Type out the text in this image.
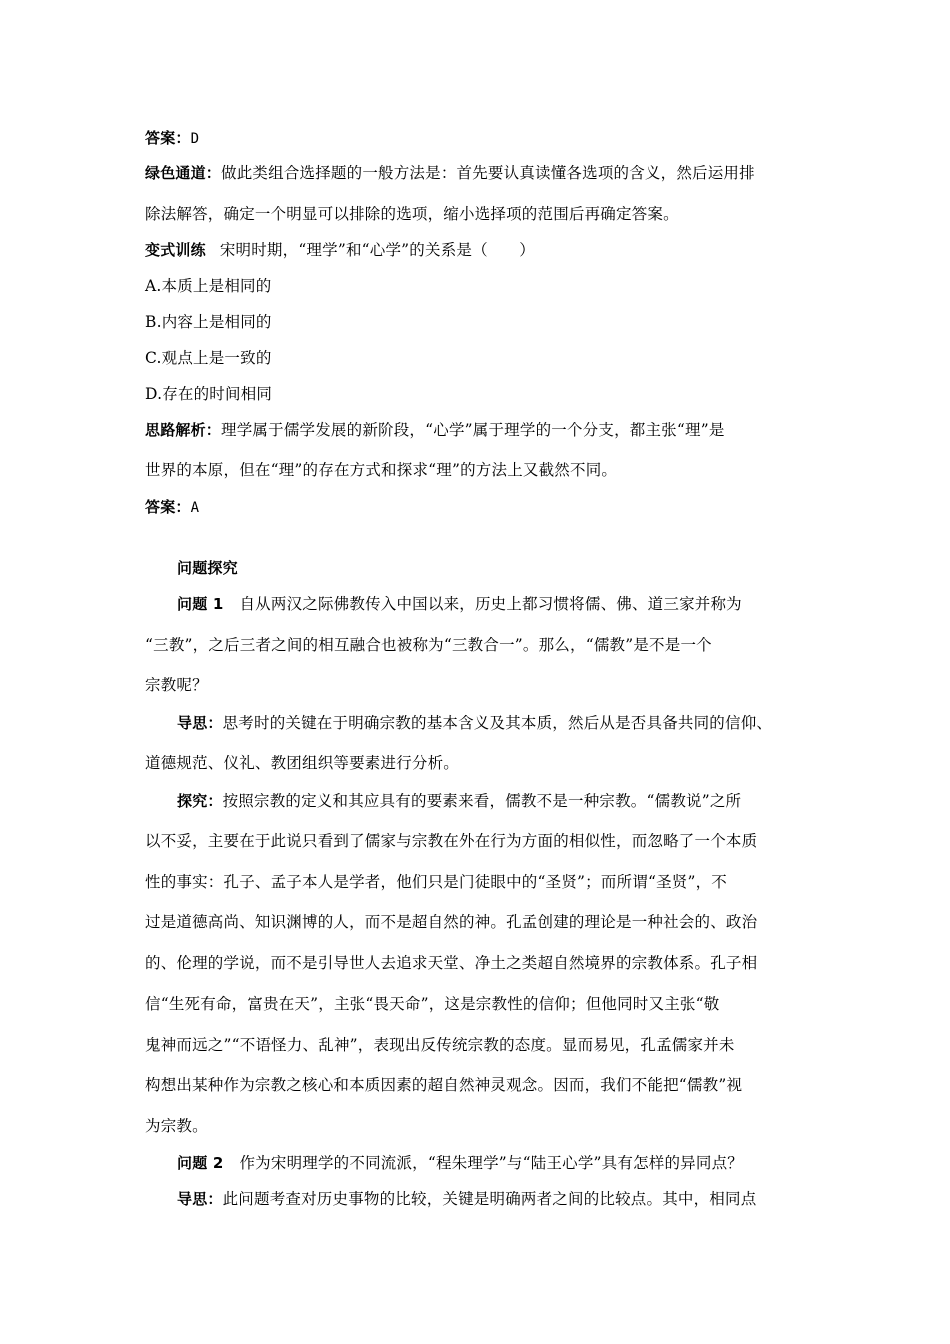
答案：D
绿色通道：做此类组合选择题的一般方法是：首先要认真读懂各选项的含义，然后运用排
除法解答，确定一个明显可以排除的选项，缩小选择项的范围后再确定答案。
变式训练 宋明时期，“理学”和“心学”的关系是（　　）
A.本质上是相同的
B.内容上是相同的
C.观点上是一致的
D.存在的时间相同
思路解析：理学属于儒学发展的新阶段，“心学”属于理学的一个分支，都主张“理”是
世界的本原，但在“理”的存在方式和探求“理”的方法上又截然不同。
答案：A
问题探究
问题 1 自从两汉之际佛教传入中国以来，历史上都习惯将儒、佛、道三家并称为
“三教”，之后三者之间的相互融合也被称为“三教合一”。那么，“儒教”是不是一个
宗教呢？
导思：思考时的关键在于明确宗教的基本含义及其本质，然后从是否具备共同的信仰、
道德规范、仪礼、教团组织等要素进行分析。
探究：按照宗教的定义和其应具有的要素来看，儒教不是一种宗教。“儒教说”之所
以不妥，主要在于此说只看到了儒家与宗教在外在行为方面的相似性，而忽略了一个本质
性的事实：孔子、孟子本人是学者，他们只是门徒眼中的“圣贤”；而所谓“圣贤”，不
过是道德高尚、知识渊博的人，而不是超自然的神。孔孟创建的理论是一种社会的、政治
的、伦理的学说，而不是引导世人去追求天堂、净土之类超自然境界的宗教体系。孔子相
信“生死有命，富贵在天”，主张“畏天命”，这是宗教性的信仰；但他同时又主张“敬
鬼神而远之”“不语怪力、乱神”，表现出反传统宗教的态度。显而易见，孔孟儒家并未
构想出某种作为宗教之核心和本质因素的超自然神灵观念。因而，我们不能把“儒教”视
为宗教。
问题 2 作为宋明理学的不同流派，“程朱理学”与“陆王心学”具有怎样的异同点？
导思：此问题考查对历史事物的比较，关键是明确两者之间的比较点。其中，相同点
